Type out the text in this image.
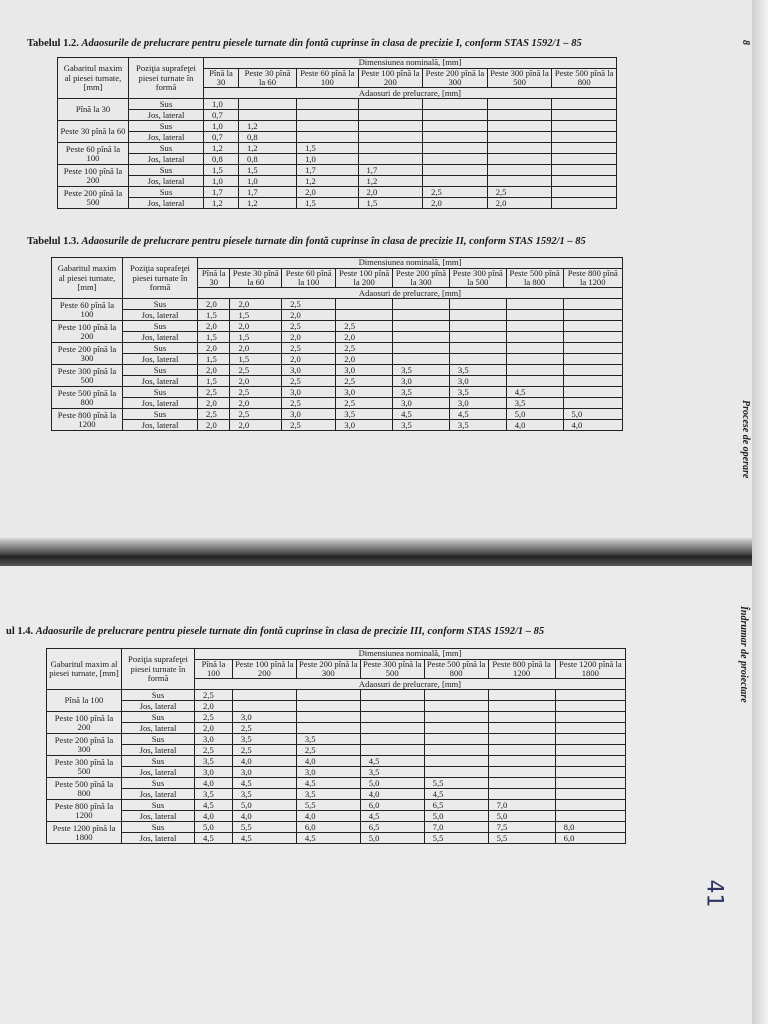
Tabelul 1.2. Adaosurile de prelucrare pentru piesele turnate din fontă cuprinse în clasa de precizie I, conform STAS 1592/1 – 85
Gabaritul maxim al piesei turnate, [mm]	Poziţia suprafeţei piesei turnate în formă	Dimensiunea nominală, [mm]						
		Pînă la 30	Peste 30 pînă la 60	Peste 60 pînă la 100	Peste 100 pînă la 200	Peste 200 pînă la 300	Peste 300 pînă la 500	Peste 500 pînă la 800
		Adaosuri de prelucrare, [mm]						
Pînă la 30	Sus	1,0						
	Jos, lateral	0,7						
Peste 30 pînă la 60	Sus	1,0	1,2					
	Jos, lateral	0,7	0,8					
Peste 60 pînă la 100	Sus	1,2	1,2	1,5				
	Jos, lateral	0,8	0,8	1,0				
Peste 100 pînă la 200	Sus	1,5	1,5	1,7	1,7			
	Jos, lateral	1,0	1,0	1,2	1,2			
Peste 200 pînă la 500	Sus	1,7	1,7	2,0	2,0	2,5	2,5	
	Jos, lateral	1,2	1,2	1,5	1,5	2,0	2,0	
Tabelul 1.3. Adaosurile de prelucrare pentru piesele turnate din fontă cuprinse în clasa de precizie II, conform STAS 1592/1 – 85
Gabaritul maxim al piesei turnate, [mm]	Poziţia suprafeţei piesei turnate în formă	Dimensiunea nominală, [mm]							
		Pînă la 30	Peste 30 pînă la 60	Peste 60 pînă la 100	Peste 100 pînă la 200	Peste 200 pînă la 300	Peste 300 pînă la 500	Peste 500 pînă la 800	Peste 800 pînă la 1200
		Adaosuri de prelucrare, [mm]							
Peste 60 pînă la 100	Sus	2,0	2,0	2,5					
	Jos, lateral	1,5	1,5	2,0					
Peste 100 pînă la 200	Sus	2,0	2,0	2,5	2,5				
	Jos, lateral	1,5	1,5	2,0	2,0				
Peste 200 pînă la 300	Sus	2,0	2,0	2,5	2,5				
	Jos, lateral	1,5	1,5	2,0	2,0				
Peste 300 pînă la 500	Sus	2,0	2,5	3,0	3,0	3,5	3,5		
	Jos, lateral	1,5	2,0	2,5	2,5	3,0	3,0		
Peste 500 pînă la 800	Sus	2,5	2,5	3,0	3,0	3,5	3,5	4,5	
	Jos, lateral	2,0	2,0	2,5	2,5	3,0	3,0	3,5	
Peste 800 pînă la 1200	Sus	2,5	2,5	3,0	3,5	4,5	4,5	5,0	5,0
	Jos, lateral	2,0	2,0	2,5	3,0	3,5	3,5	4,0	4,0
8
Procese de operare
ul 1.4. Adaosurile de prelucrare pentru piesele turnate din fontă cuprinse în clasa de precizie III, conform STAS 1592/1 – 85
Gabaritul maxim al piesei turnate, [mm]	Poziţia suprafeţei piesei turnate în formă	Dimensiunea nominală, [mm]						
		Pînă la 100	Peste 100 pînă la 200	Peste 200 pînă la 300	Peste 300 pînă la 500	Peste 500 pînă la 800	Peste 800 pînă la 1200	Peste 1200 pînă la 1800
		Adaosuri de prelucrare, [mm]						
Pînă la 100	Sus	2,5						
	Jos, lateral	2,0						
Peste 100 pînă la 200	Sus	2,5	3,0					
	Jos, lateral	2,0	2,5					
Peste 200 pînă la 300	Sus	3,0	3,5	3,5				
	Jos, lateral	2,5	2,5	2,5				
Peste 300 pînă la 500	Sus	3,5	4,0	4,0	4,5			
	Jos, lateral	3,0	3,0	3,0	3,5			
Peste 500 pînă la 800	Sus	4,0	4,5	4,5	5,0	5,5		
	Jos, lateral	3,5	3,5	3,5	4,0	4,5		
Peste 800 pînă la 1200	Sus	4,5	5,0	5,5	6,0	6,5	7,0	
	Jos, lateral	4,0	4,0	4,0	4,5	5,0	5,0	
Peste 1200 pînă la 1800	Sus	5,0	5,5	6,0	6,5	7,0	7,5	8,0
	Jos, lateral	4,5	4,5	4,5	5,0	5,5	5,5	6,0
Îndrumar de proiectare
41
